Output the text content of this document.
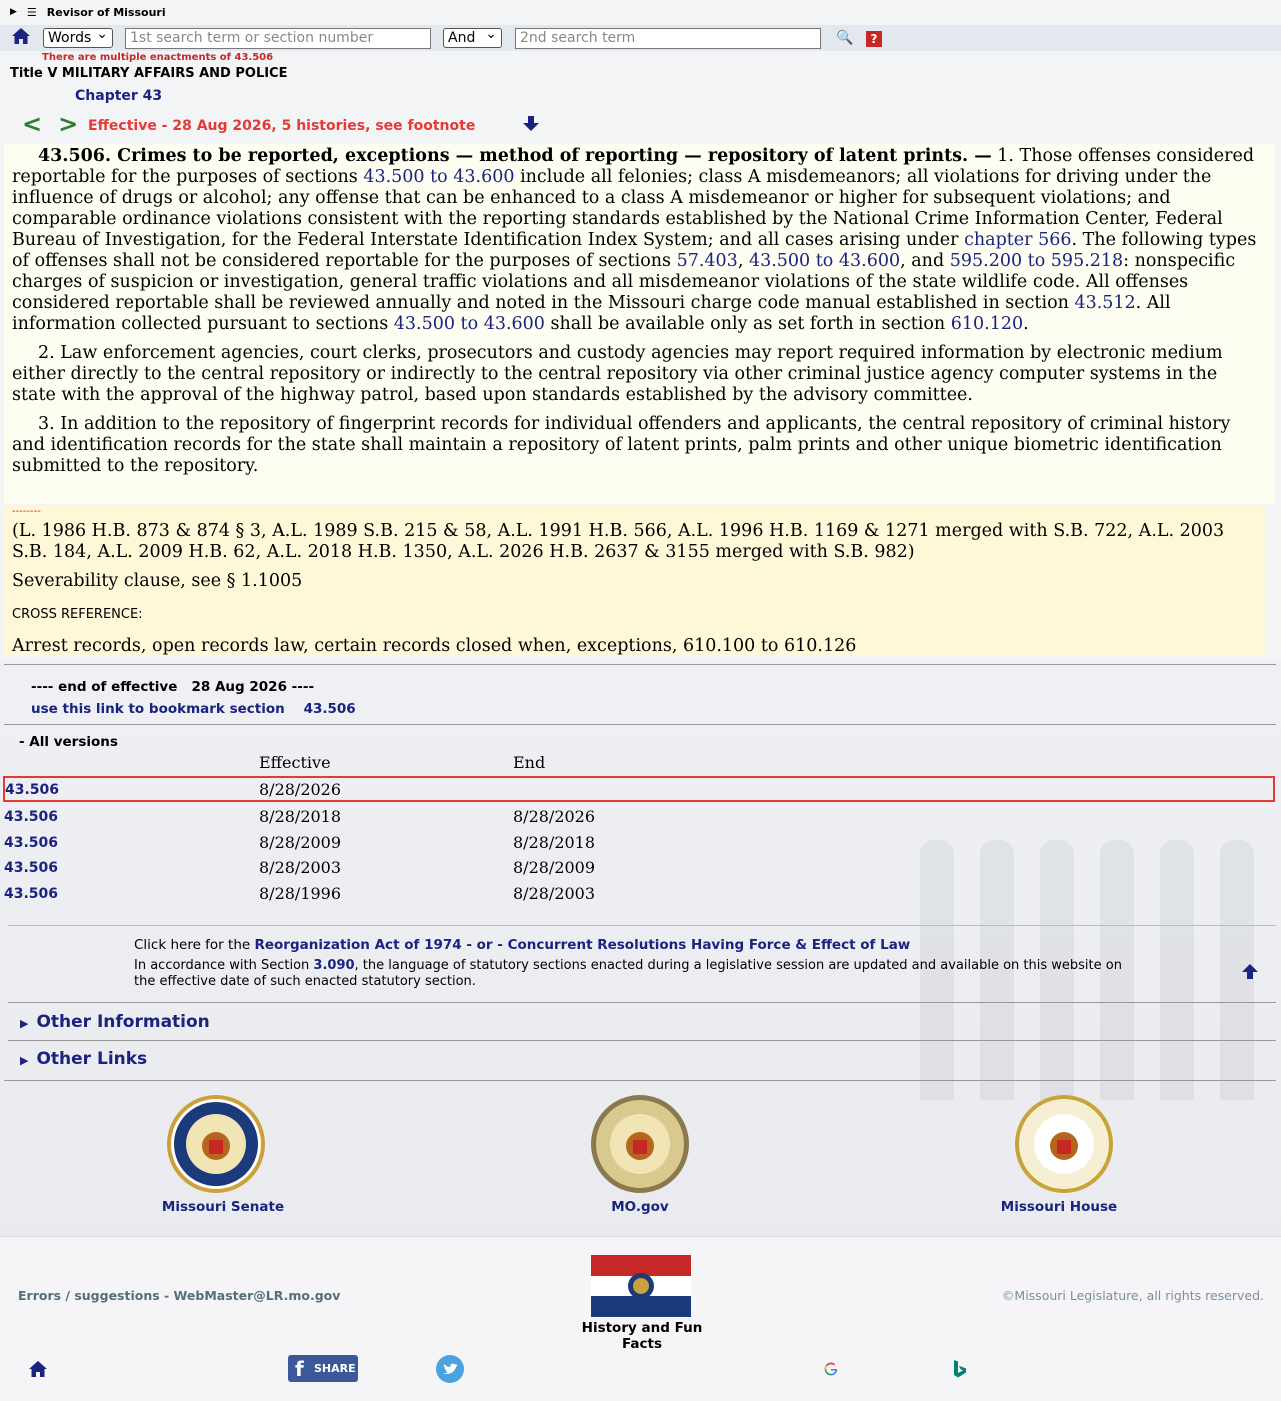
▶ ☰ Revisor of Missouri
Words ⌄	1st search term or section number	And ⌄	2nd search term	🔍	?
There are multiple enactments of 43.506
Title V MILITARY AFFAIRS AND POLICE
Chapter 43
< > Effective - 28 Aug 2026, 5 histories, see footnote

43.506. Crimes to be reported, exceptions — method of reporting — repository of latent prints. — 1. Those offenses considered reportable for the purposes of sections 43.500 to 43.600 include all felonies; class A misdemeanors; all violations for driving under the influence of drugs or alcohol; any offense that can be enhanced to a class A misdemeanor or higher for subsequent violations; and comparable ordinance violations consistent with the reporting standards established by the National Crime Information Center, Federal Bureau of Investigation, for the Federal Interstate Identification Index System; and all cases arising under chapter 566. The following types of offenses shall not be considered reportable for the purposes of sections 57.403, 43.500 to 43.600, and 595.200 to 595.218: nonspecific charges of suspicion or investigation, general traffic violations and all misdemeanor violations of the state wildlife code. All offenses considered reportable shall be reviewed annually and noted in the Missouri charge code manual established in section 43.512. All information collected pursuant to sections 43.500 to 43.600 shall be available only as set forth in section 610.120.

2. Law enforcement agencies, court clerks, prosecutors and custody agencies may report required information by electronic medium either directly to the central repository or indirectly to the central repository via other criminal justice agency computer systems in the state with the approval of the highway patrol, based upon standards established by the advisory committee.

3. In addition to the repository of fingerprint records for individual offenders and applicants, the central repository of criminal history and identification records for the state shall maintain a repository of latent prints, palm prints and other unique biometric identification submitted to the repository.

--------
(L. 1986 H.B. 873 & 874 § 3, A.L. 1989 S.B. 215 & 58, A.L. 1991 H.B. 566, A.L. 1996 H.B. 1169 & 1271 merged with S.B. 722, A.L. 2003 S.B. 184, A.L. 2009 H.B. 62, A.L. 2018 H.B. 1350, A.L. 2026 H.B. 2637 & 3155 merged with S.B. 982)
Severability clause, see § 1.1005
CROSS REFERENCE:
Arrest records, open records law, certain records closed when, exceptions, 610.100 to 610.126
---- end of effective   28 Aug 2026 ----
use this link to bookmark section    43.506
- All versions
Effective	End
43.506	8/28/2026
43.506	8/28/2018	8/28/2026
43.506	8/28/2009	8/28/2018
43.506	8/28/2003	8/28/2009
43.506	8/28/1996	8/28/2003
Click here for the Reorganization Act of 1974 - or - Concurrent Resolutions Having Force & Effect of Law
In accordance with Section 3.090, the language of statutory sections enacted during a legislative session are updated and available on this website on the effective date of such enacted statutory section.
▶ Other Information
▶ Other Links
Missouri Senate	MO.gov	Missouri House
Errors / suggestions - WebMaster@LR.mo.gov	©Missouri Legislature, all rights reserved.
History and Fun Facts
f SHARE
